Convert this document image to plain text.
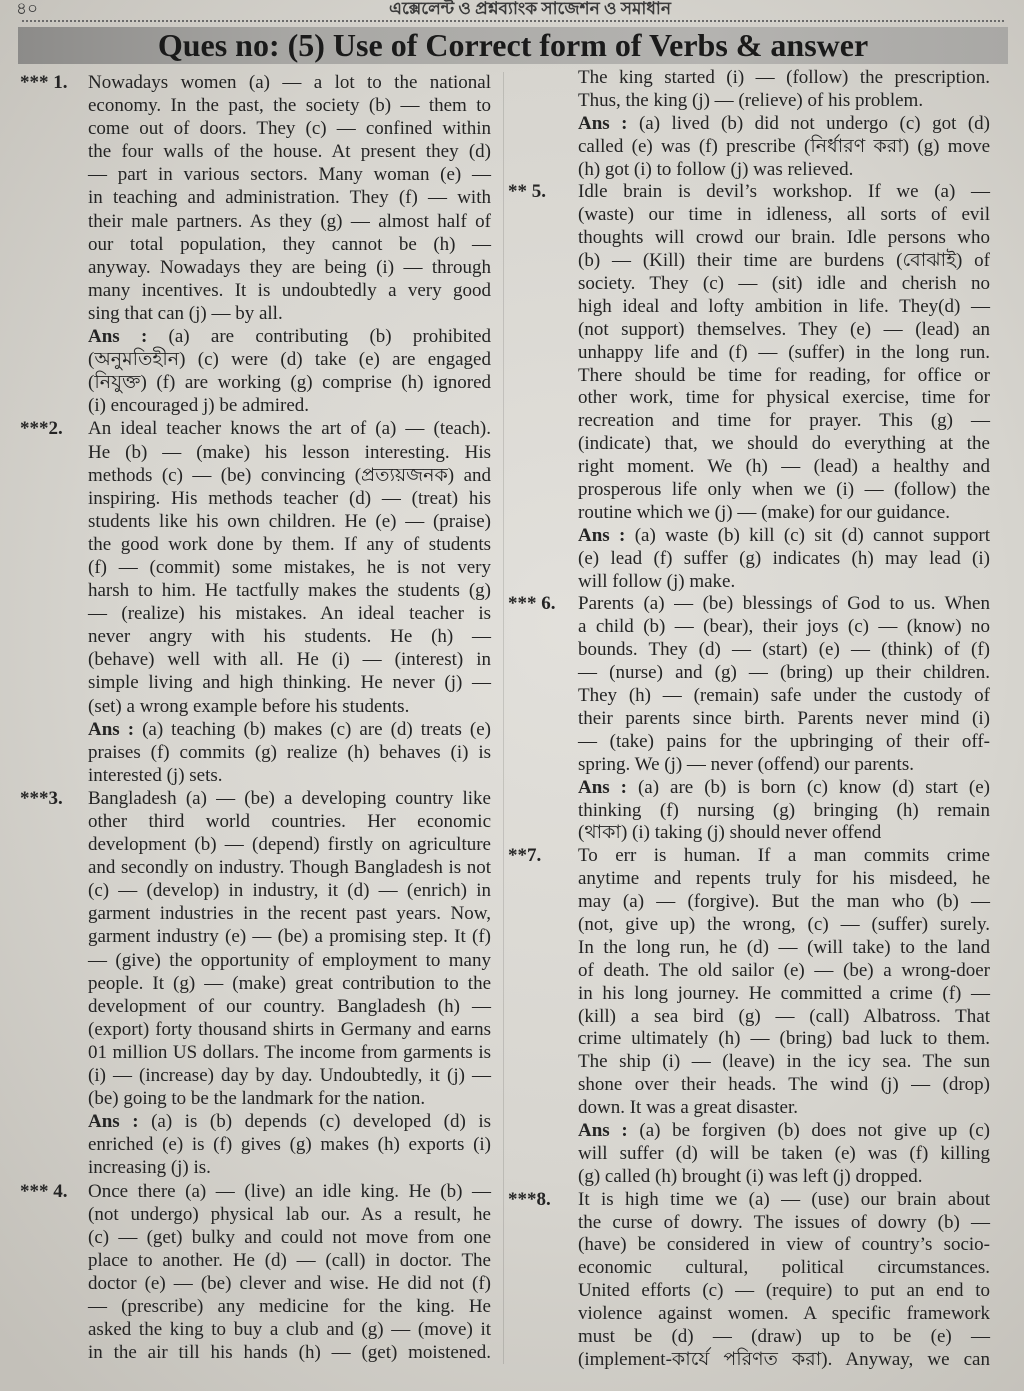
৪০	এক্সেলেন্ট ও প্রশ্নব্যাংক সাজেশন ও সমাধান
Ques no: (5) Use of Correct form of Verbs & answer
*** 1. Nowadays women (a) — a lot to the national
economy. In the past, the society (b) — them to
come out of doors. They (c) — confined within
the four walls of the house. At present they (d)
— part in various sectors. Many woman (e) —
in teaching and administration. They (f) — with
their male partners. As they (g) — almost half of
our total population, they cannot be (h) —
anyway. Nowadays they are being (i) — through
many incentives. It is undoubtedly a very good
sing that can (j) — by all.
Ans : (a) are contributing (b) prohibited
(অনুমতিহীন) (c) were (d) take (e) are engaged
(নিযুক্ত) (f) are working (g) comprise (h) ignored
(i) encouraged j) be admired.
***2. An ideal teacher knows the art of (a) — (teach).
He (b) — (make) his lesson interesting. His
methods (c) — (be) convincing (প্রত্যয়জনক) and
inspiring. His methods teacher (d) — (treat) his
students like his own children. He (e) — (praise)
the good work done by them. If any of students
(f) — (commit) some mistakes, he is not very
harsh to him. He tactfully makes the students (g)
— (realize) his mistakes. An ideal teacher is
never angry with his students. He (h) —
(behave) well with all. He (i) — (interest) in
simple living and high thinking. He never (j) —
(set) a wrong example before his students.
Ans : (a) teaching (b) makes (c) are (d) treats (e)
praises (f) commits (g) realize (h) behaves (i) is
interested (j) sets.
***3. Bangladesh (a) — (be) a developing country like
other third world countries. Her economic
development (b) — (depend) firstly on agriculture
and secondly on industry. Though Bangladesh is not
(c) — (develop) in industry, it (d) — (enrich) in
garment industries in the recent past years. Now,
garment industry (e) — (be) a promising step. It (f)
— (give) the opportunity of employment to many
people. It (g) — (make) great contribution to the
development of our country. Bangladesh (h) —
(export) forty thousand shirts in Germany and earns
01 million US dollars. The income from garments is
(i) — (increase) day by day. Undoubtedly, it (j) —
(be) going to be the landmark for the nation.
Ans : (a) is (b) depends (c) developed (d) is
enriched (e) is (f) gives (g) makes (h) exports (i)
increasing (j) is.
*** 4. Once there (a) — (live) an idle king. He (b) —
(not undergo) physical lab our. As a result, he
(c) — (get) bulky and could not move from one
place to another. He (d) — (call) in doctor. The
doctor (e) — (be) clever and wise. He did not (f)
— (prescribe) any medicine for the king. He
asked the king to buy a club and (g) — (move) it
in the air till his hands (h) — (get) moistened.
The king started (i) — (follow) the prescription.
Thus, the king (j) — (relieve) of his problem.
Ans : (a) lived (b) did not undergo (c) got (d)
called (e) was (f) prescribe (নির্ধারণ করা) (g) move
(h) got (i) to follow (j) was relieved.
** 5. Idle brain is devil’s workshop. If we (a) —
(waste) our time in idleness, all sorts of evil
thoughts will crowd our brain. Idle persons who
(b) — (Kill) their time are burdens (বোঝাই) of
society. They (c) — (sit) idle and cherish no
high ideal and lofty ambition in life. They(d) —
(not support) themselves. They (e) — (lead) an
unhappy life and (f) — (suffer) in the long run.
There should be time for reading, for office or
other work, time for physical exercise, time for
recreation and time for prayer. This (g) —
(indicate) that, we should do everything at the
right moment. We (h) — (lead) a healthy and
prosperous life only when we (i) — (follow) the
routine which we (j) — (make) for our guidance.
Ans : (a) waste (b) kill (c) sit (d) cannot support
(e) lead (f) suffer (g) indicates (h) may lead (i)
will follow (j) make.
*** 6. Parents (a) — (be) blessings of God to us. When
a child (b) — (bear), their joys (c) — (know) no
bounds. They (d) — (start) (e) — (think) of (f)
— (nurse) and (g) — (bring) up their children.
They (h) — (remain) safe under the custody of
their parents since birth. Parents never mind (i)
— (take) pains for the upbringing of their off-
spring. We (j) — never (offend) our parents.
Ans : (a) are (b) is born (c) know (d) start (e)
thinking (f) nursing (g) bringing (h) remain
(থাকা) (i) taking (j) should never offend
**7. To err is human. If a man commits crime
anytime and repents truly for his misdeed, he
may (a) — (forgive). But the man who (b) —
(not, give up) the wrong, (c) — (suffer) surely.
In the long run, he (d) — (will take) to the land
of death. The old sailor (e) — (be) a wrong-doer
in his long journey. He committed a crime (f) —
(kill) a sea bird (g) — (call) Albatross. That
crime ultimately (h) — (bring) bad luck to them.
The ship (i) — (leave) in the icy sea. The sun
shone over their heads. The wind (j) — (drop)
down. It was a great disaster.
Ans : (a) be forgiven (b) does not give up (c)
will suffer (d) will be taken (e) was (f) killing
(g) called (h) brought (i) was left (j) dropped.
***8. It is high time we (a) — (use) our brain about
the curse of dowry. The issues of dowry (b) —
(have) be considered in view of country’s socio-
economic cultural, political circumstances.
United efforts (c) — (require) to put an end to
violence against women. A specific framework
must be (d) — (draw) up to be (e) —
(implement-কার্যে পরিণত করা). Anyway, we can
